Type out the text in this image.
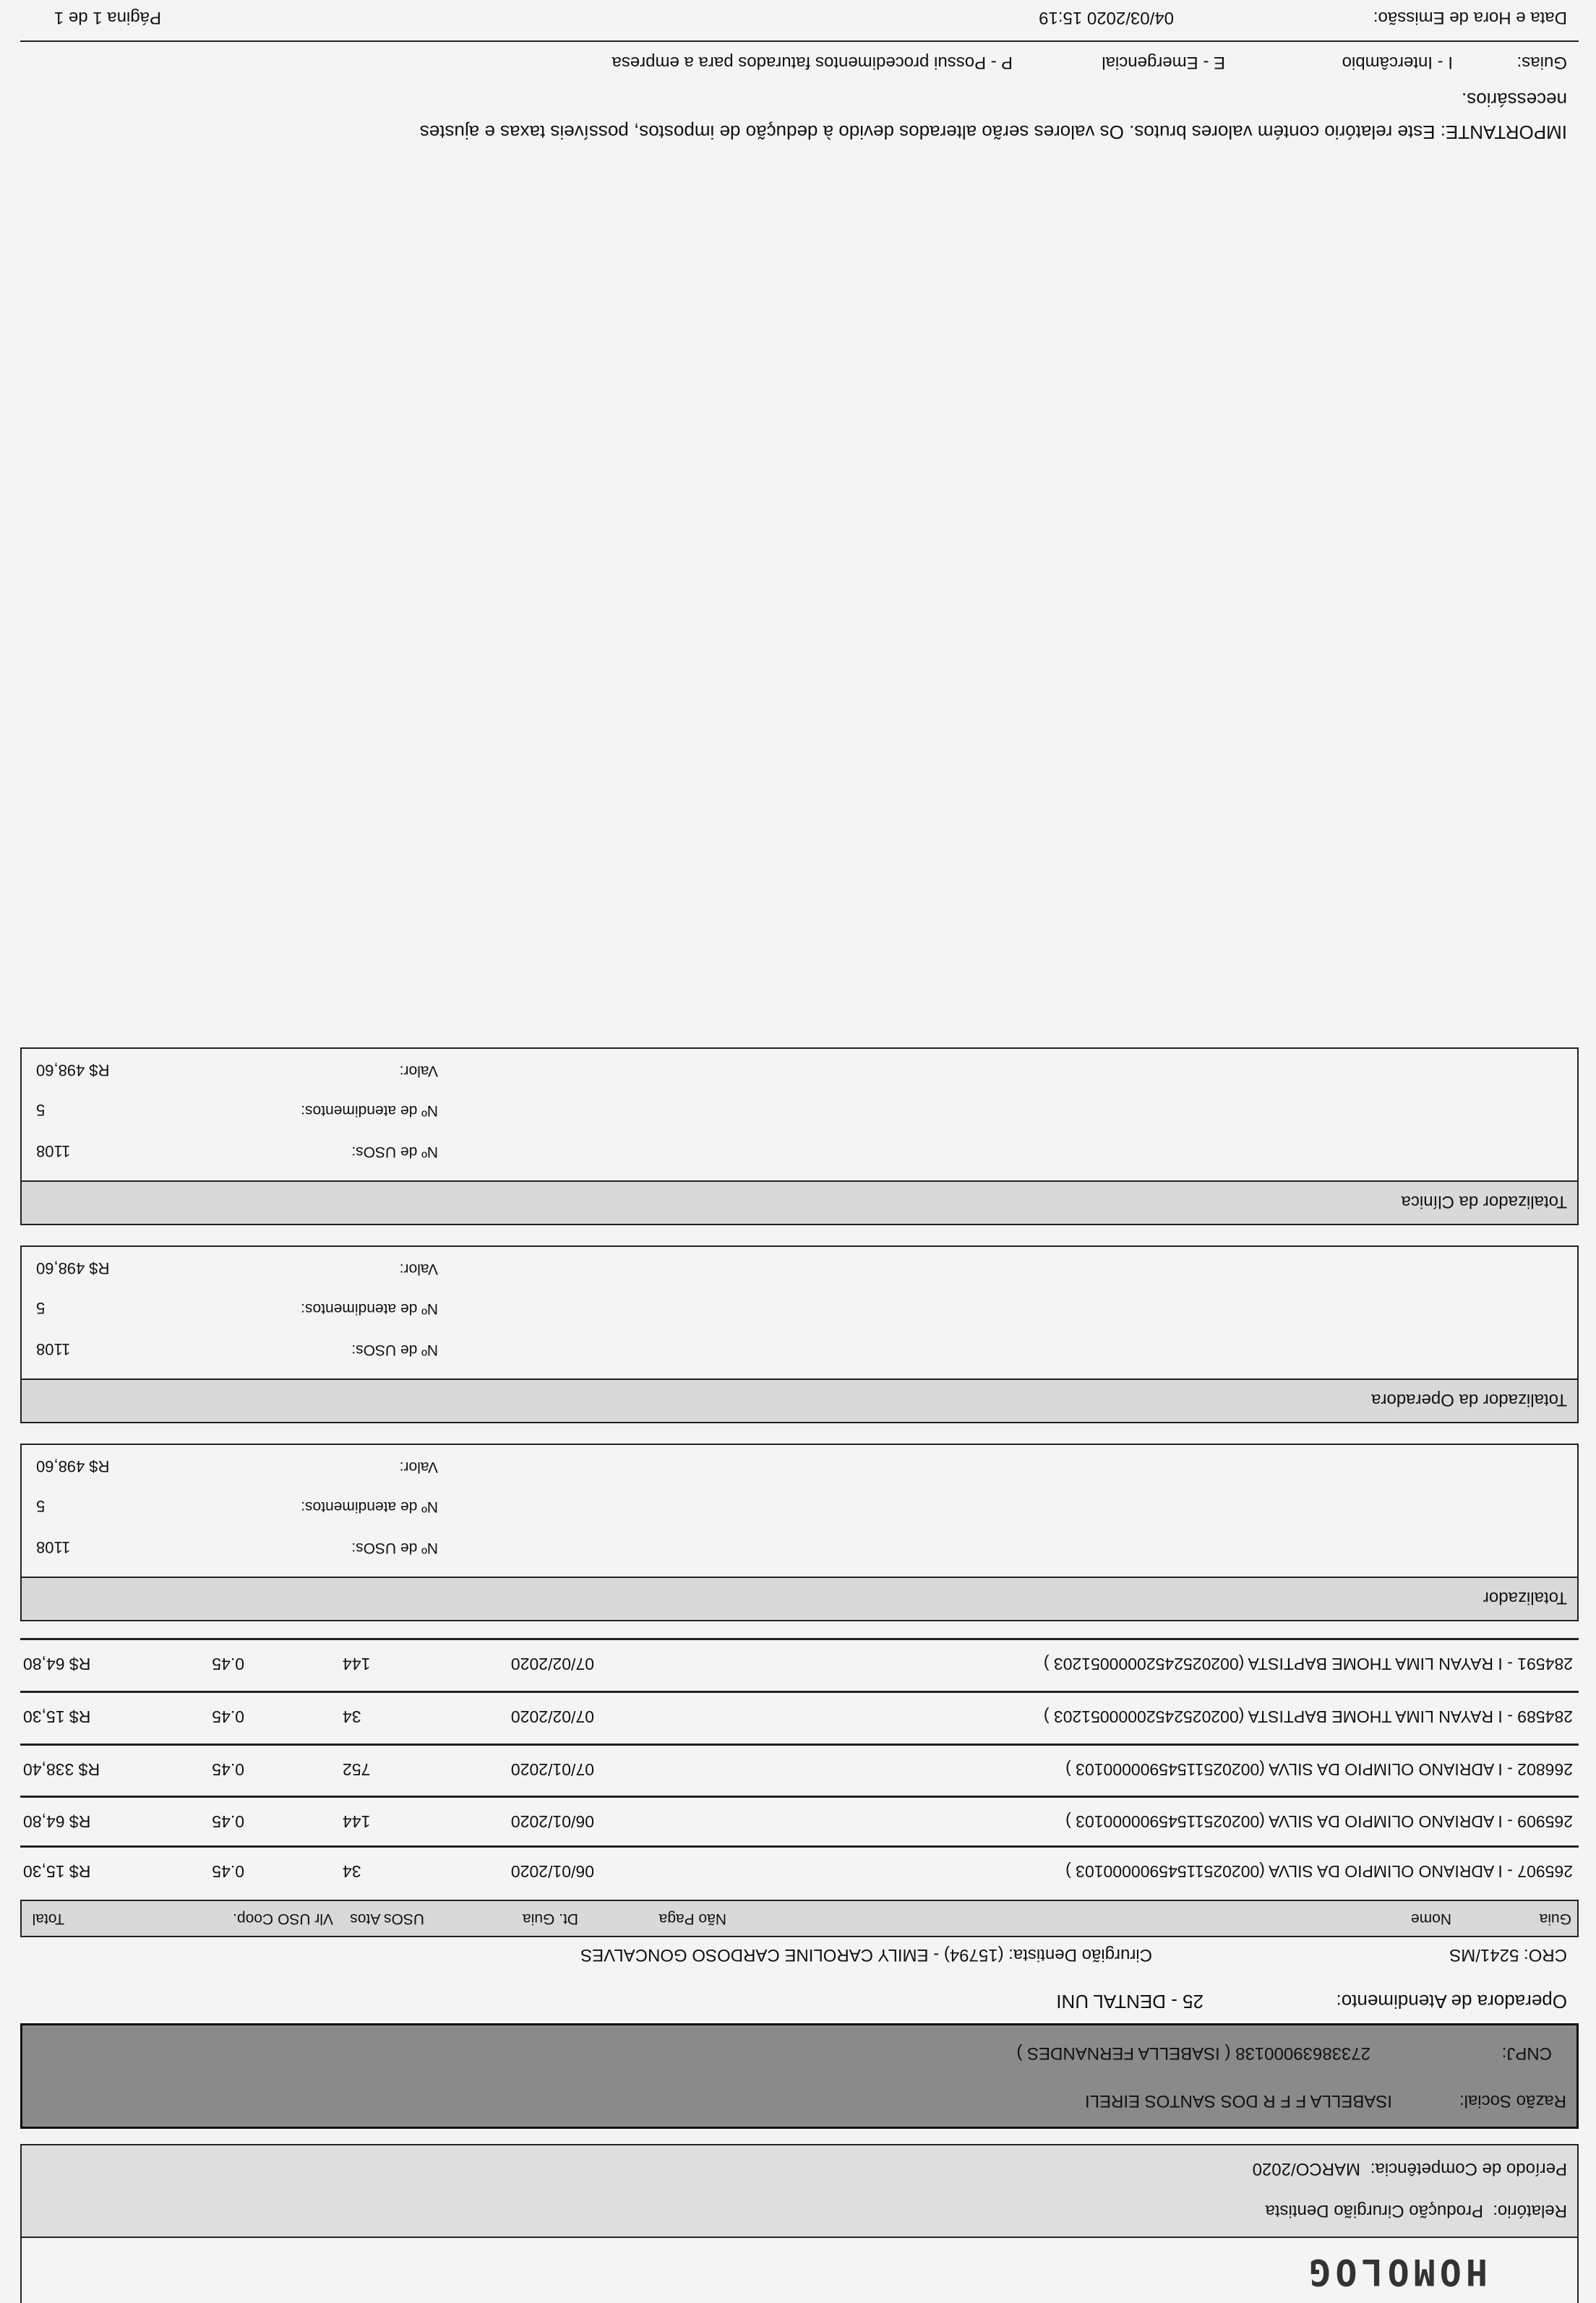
HOMOLOG
Relatório:
Produção Cirurgião Dentista
Período de Competência:
MARCO/2020
Razão Social:
ISABELLA F F R DOS SANTOS EIRELI
CNPJ:
27338639000138 ( ISABELLA FERNANDES )
Operadora de Atendimento:
25 - DENTAL UNI
CRO: 5241/MS
Cirurgião Dentista: (15794) - EMILY CAROLINE CARDOSO GONCALVES
Guia
Nome
Não Paga
Dt. Guia
USOs Atos
Vlr USO Coop.
Total
265907 - I ADRIANO OLIMPIO DA SILVA (00202511545900000103 )
06/01/2020
34
0.45
R$ 15,30
265909 - I ADRIANO OLIMPIO DA SILVA (00202511545900000103 )
06/01/2020
144
0.45
R$ 64,80
266802 - I ADRIANO OLIMPIO DA SILVA (00202511545900000103 )
07/01/2020
752
0.45
R$ 338,40
284589 - I RAYAN LIMA THOME BAPTISTA (00202524520000051203 )
07/02/2020
34
0.45
R$ 15,30
284591 - I RAYAN LIMA THOME BAPTISTA (00202524520000051203 )
07/02/2020
144
0.45
R$ 64,80
Totalizador
Nº de USOs:
1108
Nº de atendimentos:
5
Valor:
R$ 498,60
Totalizador da Operadora
Nº de USOs:
1108
Nº de atendimentos:
5
Valor:
R$ 498,60
Totalizador da Clínica
Nº de USOs:
1108
Nº de atendimentos:
5
Valor:
R$ 498,60
IMPORTANTE: Este relatório contém valores brutos. Os valores serão alterados devido à dedução de impostos, possíveis taxas e ajustes
necessários.
Guias:
I - Intercâmbio
E - Emergencial
P - Possui procedimentos faturados para a empresa
Data e Hora de Emissão:
04/03/2020 15:19
Página 1 de 1
